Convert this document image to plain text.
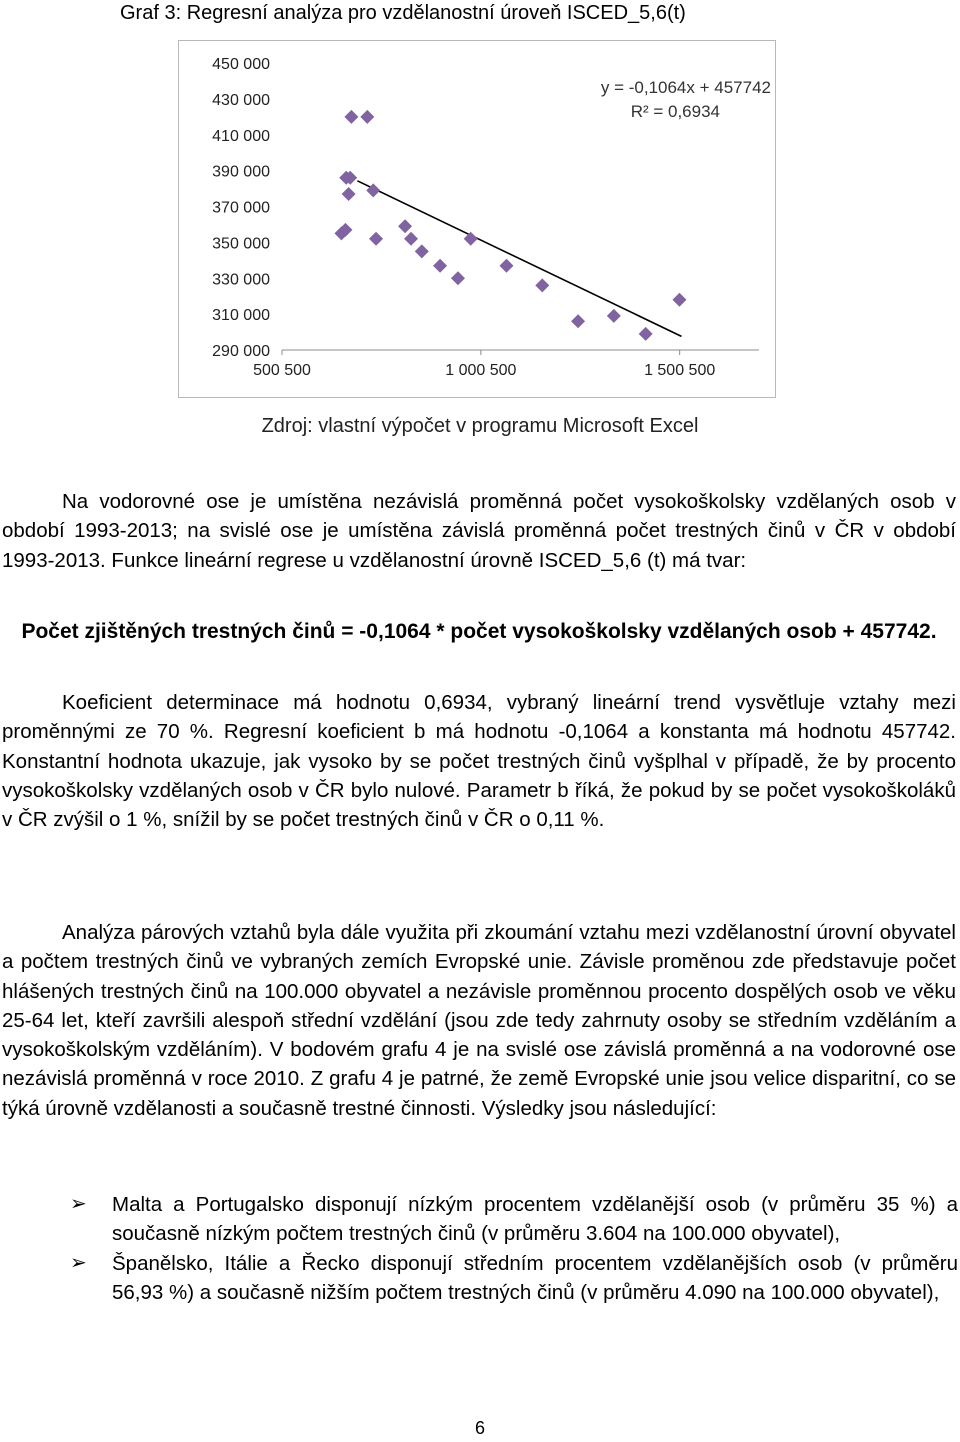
Graf 3: Regresní analýza pro vzdělanostní úroveň ISCED_5,6(t)
450 000
430 000
410 000
390 000
370 000
350 000
330 000
310 000
290 000
500 500	1 000 500	1 500 500
y = -0,1064x + 457742
R² = 0,6934
Zdroj: vlastní výpočet v programu Microsoft Excel

Na vodorovné ose je umístěna nezávislá proměnná počet vysokoškolsky vzdělaných osob v období 1993-2013; na svislé ose je umístěna závislá proměnná počet trestných činů v ČR v období 1993-2013. Funkce lineární regrese u vzdělanostní úrovně ISCED_5,6 (t) má tvar:

Počet zjištěných trestných činů = -0,1064 * počet vysokoškolsky vzdělaných osob + 457742.

Koeficient determinace má hodnotu 0,6934, vybraný lineární trend vysvětluje vztahy mezi proměnnými ze 70 %. Regresní koeficient b má hodnotu -0,1064 a konstanta má hodnotu 457742. Konstantní hodnota ukazuje, jak vysoko by se počet trestných činů vyšplhal v případě, že by procento vysokoškolsky vzdělaných osob v ČR bylo nulové. Parametr b říká, že pokud by se počet vysokoškoláků v ČR zvýšil o 1 %, snížil by se počet trestných činů v ČR o 0,11 %.

Analýza párových vztahů byla dále využita při zkoumání vztahu mezi vzdělanostní úrovní obyvatel a počtem trestných činů ve vybraných zemích Evropské unie. Závisle proměnou zde představuje počet hlášených trestných činů na 100.000 obyvatel a nezávisle proměnnou procento dospělých osob ve věku 25-64 let, kteří završili alespoň střední vzdělání (jsou zde tedy zahrnuty osoby se středním vzděláním a vysokoškolským vzděláním). V bodovém grafu 4 je na svislé ose závislá proměnná a na vodorovné ose nezávislá proměnná v roce 2010. Z grafu 4 je patrné, že země Evropské unie jsou velice disparitní, co se týká úrovně vzdělanosti a současně trestné činnosti. Výsledky jsou následující:

➢ Malta a Portugalsko disponují nízkým procentem vzdělanější osob (v průměru 35 %) a současně nízkým počtem trestných činů (v průměru 3.604 na 100.000 obyvatel),
➢ Španělsko, Itálie a Řecko disponují středním procentem vzdělanějších osob (v průměru 56,93 %) a současně nižším počtem trestných činů (v průměru 4.090 na 100.000 obyvatel),
6
